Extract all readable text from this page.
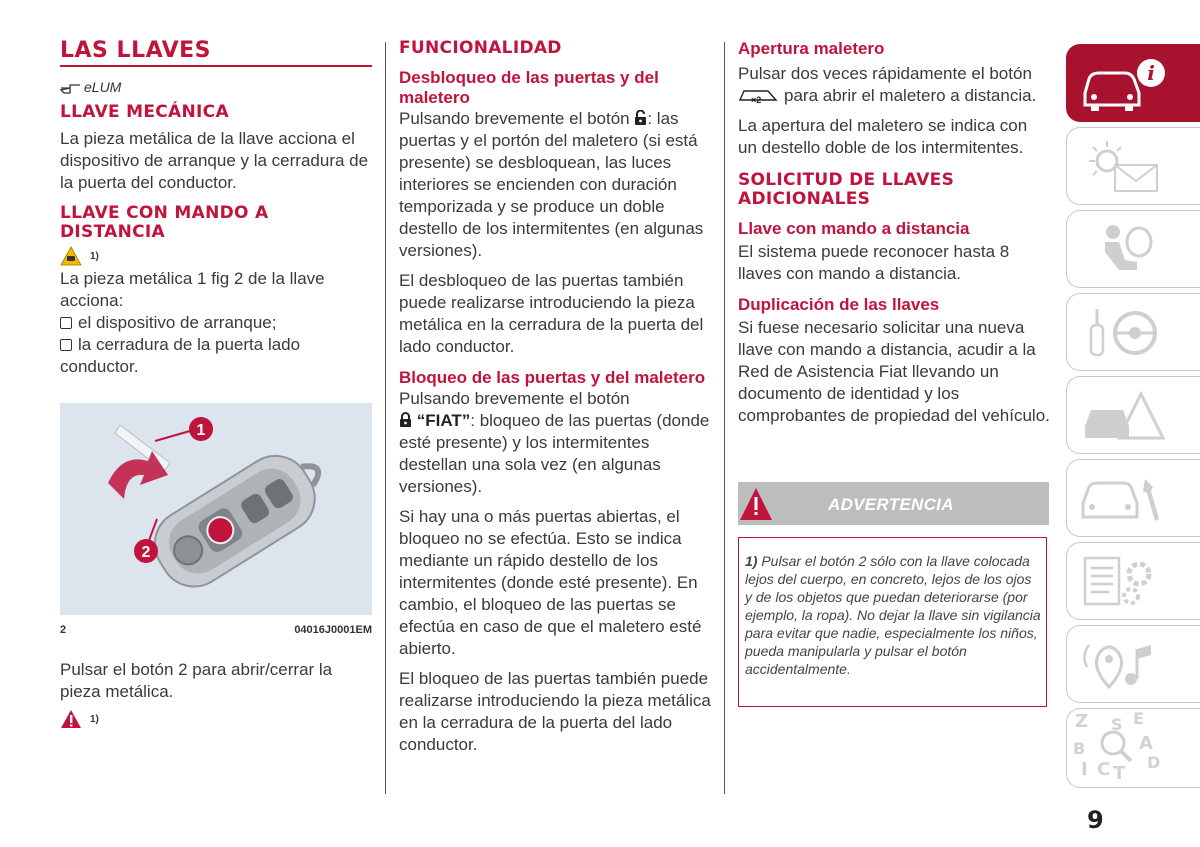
LAS LLAVES
eLUM
LLAVE MECÁNICA

La pieza metálica de la llave acciona el dispositivo de arranque y la cerradura de la puerta del conductor.

LLAVE CON MANDO A DISTANCIA
1)

La pieza metálica 1 fig 2 de la llave acciona:

el dispositivo de arranque;

la cerradura de la puerta lado conductor.

1
2
2	04016J0001EM

Pulsar el botón 2 para abrir/cerrar la pieza metálica.

1)
FUNCIONALIDAD
Desbloqueo de las puertas y del maletero

Pulsando brevemente el botón : las puertas y el portón del maletero (si está presente) se desbloquean, las luces interiores se encienden con duración temporizada y se produce un doble destello de los intermitentes (en algunas versiones).

El desbloqueo de las puertas también puede realizarse introduciendo la pieza metálica en la cerradura de la puerta del lado conductor.

Bloqueo de las puertas y del maletero

Pulsando brevemente el botón
“FIAT”: bloqueo de las puertas (donde esté presente) y los intermitentes destellan una sola vez (en algunas versiones).

Si hay una o más puertas abiertas, el bloqueo no se efectúa. Esto se indica mediante un rápido destello de los intermitentes (donde esté presente). En cambio, el bloqueo de las puertas se efectúa en caso de que el maletero esté abierto.

El bloqueo de las puertas también puede realizarse introduciendo la pieza metálica en la cerradura de la puerta del lado conductor.

Apertura maletero

Pulsar dos veces rápidamente el botón

×2 para abrir el maletero a distancia.

La apertura del maletero se indica con un destello doble de los intermitentes.

SOLICITUD DE LLAVES ADICIONALES
Llave con mando a distancia

El sistema puede reconocer hasta 8 llaves con mando a distancia.

Duplicación de las llaves

Si fuese necesario solicitar una nueva llave con mando a distancia, acudir a la Red de Asistencia Fiat llevando un documento de identidad y los comprobantes de propiedad del vehículo.

ADVERTENCIA

1) Pulsar el botón 2 sólo con la llave colocada lejos del cuerpo, en concreto, lejos de los ojos y de los objetos que puedan deteriorarse (por ejemplo, la ropa). No dejar la llave sin vigilancia para evitar que nadie, especialmente los niños, pueda manipularla y pulsar el botón accidentalmente.

i
Z	E
S
B	A
I C T
D
9
